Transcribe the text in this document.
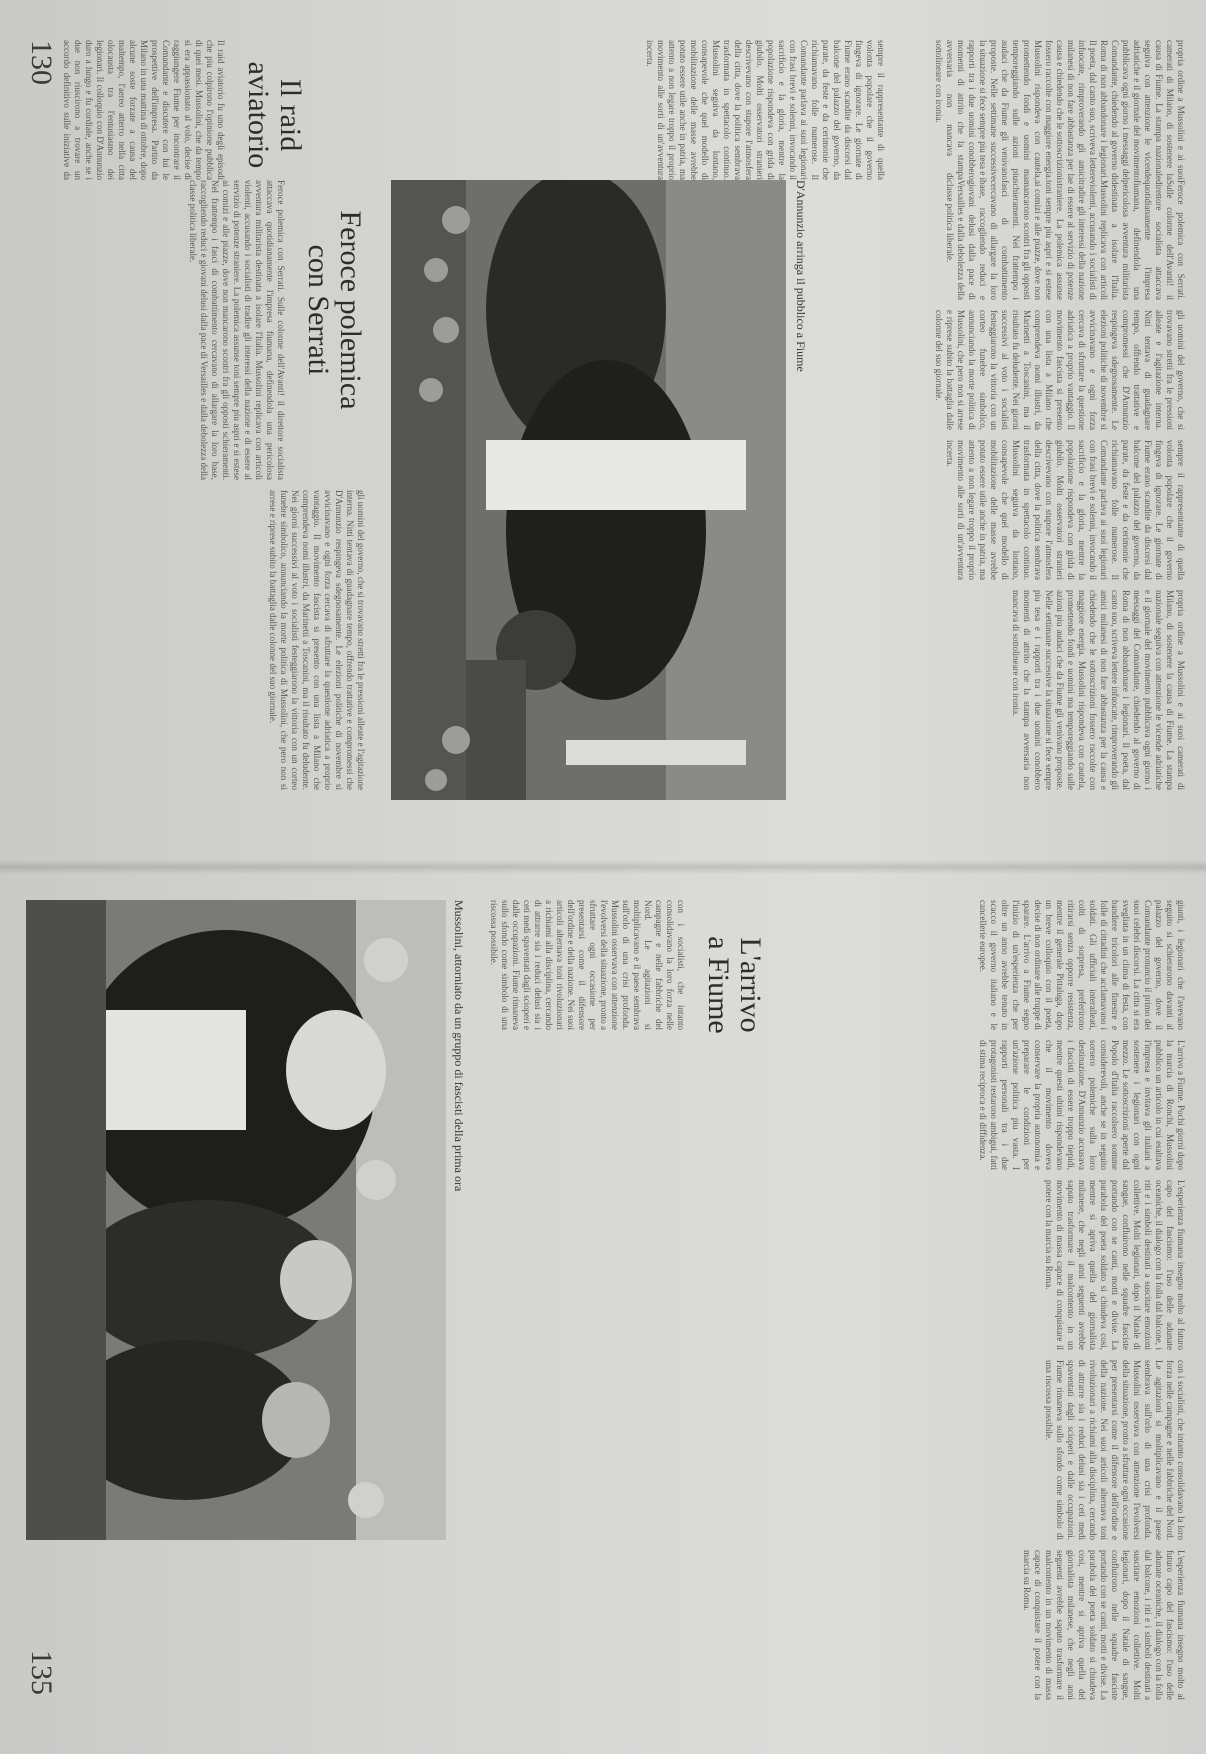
130	propria ordine a Mussolini e ai suoi camerati di Milano, di sostenere la causa di Fiume. La stampa nazionale seguiva con attenzione le vicende adriatiche e il giornale del movimento pubblicava ogni giorno i messaggi del Comandante, chiedendo al governo di Roma di non abbandonare i legionari. Il poeta, dal canto suo, scriveva lettere infuocate, rimproverando gli amici milanesi di non fare abbastanza per la causa e chiedendo che le sottoscrizioni fossero raccolte con maggiore energia. Mussolini rispondeva con cautela, promettendo fondi e uomini ma temporeggiando sulle azioni piu audaci che da Fiume gli venivano proposte. Nelle settimane successive la situazione si fece sempre piu tesa e i rapporti tra i due uomini conobbero momenti di attrito che la stampa avversaria non mancava di sottolineare con ironia.
sempre il rappresentante di quella volonta popolare che il governo fingeva di ignorare. Le giornate di Fiume erano scandite da discorsi dal balcone del palazzo del governo, da parate, da feste e da cerimonie che richiamavano folle numerose. Il Comandante parlava ai suoi legionari con frasi brevi e solenni, invocando il sacrificio e la gloria, mentre la popolazione rispondeva con grida di giubilo. Molti osservatori stranieri descrivevano con stupore l'atmosfera della citta, dove la politica sembrava trasformata in spettacolo continuo. Mussolini seguiva da lontano, consapevole che quel modello di mobilitazione delle masse avrebbe potuto essere utile anche in patria, ma attento a non legare troppo il proprio movimento alle sorti di un'avventura incerta.
Il raid
aviatorio
Il raid aviatorio fu uno degli episodi che piu colpirono l'opinione pubblica di quei mesi. Mussolini, che da tempo si era appassionato al volo, decise di raggiungere Fiume per incontrare il Comandante e discutere con lui le prospettive dell'impresa. Partito da Milano in una mattina di ottobre, dopo alcune soste forzate a causa del maltempo, l'aereo atterro nella citta olocausta tra l'entusiasmo dei legionari. Il colloquio con D'Annunzio duro a lungo e fu cordiale, anche se i due non riuscirono a trovare un accordo definitivo sulle iniziative da
D'Annunzio arringa il pubblico a Fiume	Feroce polemica con Serrati. Sulle colonne dell'Avanti! il direttore socialista attaccava quotidianamente l'impresa fiumana, definendola una pericolosa avventura militarista destinata a isolare l'Italia. Mussolini replicava con articoli violenti, accusando i socialisti di tradire gli interessi della nazione e di essere al servizio di potenze straniere. La polemica assunse toni sempre piu aspri e si estese ai comizi e alle piazze, dove non mancarono scontri fra gli opposti schieramenti. Nel frattempo i fasci di combattimento cercavano di allargare la loro base, raccogliendo reduci e giovani delusi dalla pace di Versailles e dalla debolezza della classe politica liberale.
gli uomini del governo, che si trovavano stretti fra le pressioni alleate e l'agitazione interna. Nitti tentava di guadagnare tempo, offrendo trattative e compromessi che D'Annunzio respingeva sdegnosamente. Le elezioni politiche di novembre si avvicinavano e ogni forza cercava di sfruttare la questione adriatica a proprio vantaggio. Il movimento fascista si presento con una lista a Milano che comprendeva nomi illustri, da Marinetti a Toscanini, ma il risultato fu deludente. Nei giorni successivi al voto i socialisti festeggiarono la vittoria con un corteo funebre simbolico, annunciando la morte politica di Mussolini, che pero non si arrese e riprese subito la battaglia dalle colonne del suo giornale.
sempre il rappresentante di quella volonta popolare che il governo fingeva di ignorare. Le giornate di Fiume erano scandite da discorsi dal balcone del palazzo del governo, da parate, da feste e da cerimonie che richiamavano folle numerose. Il Comandante parlava ai suoi legionari con frasi brevi e solenni, invocando il sacrificio e la gloria, mentre la popolazione rispondeva con grida di giubilo. Molti osservatori stranieri descrivevano con stupore l'atmosfera della citta, dove la politica sembrava trasformata in spettacolo continuo. Mussolini seguiva da lontano, consapevole che quel modello di mobilitazione delle masse avrebbe potuto essere utile anche in patria, ma attento a non legare troppo il proprio movimento alle sorti di un'avventura incerta.
propria ordine a Mussolini e ai suoi camerati di Milano, di sostenere la causa di Fiume. La stampa nazionale seguiva con attenzione le vicende adriatiche e il giornale del movimento pubblicava ogni giorno i messaggi del Comandante, chiedendo al governo di Roma di non abbandonare i legionari. Il poeta, dal canto suo, scriveva lettere infuocate, rimproverando gli amici milanesi di non fare abbastanza per la causa e chiedendo che le sottoscrizioni fossero raccolte con maggiore energia. Mussolini rispondeva con cautela, promettendo fondi e uomini ma temporeggiando sulle azioni piu audaci che da Fiume gli venivano proposte. Nelle settimane successive la situazione si fece sempre piu tesa e i rapporti tra i due uomini conobbero momenti di attrito che la stampa avversaria non mancava di sottolineare con ironia.
Feroce polemica
con Serrati
Feroce polemica con Serrati. Sulle colonne dell'Avanti! il direttore socialista attaccava quotidianamente l'impresa fiumana, definendola una pericolosa avventura militarista destinata a isolare l'Italia. Mussolini replicava con articoli violenti, accusando i socialisti di tradire gli interessi della nazione e di essere al servizio di potenze straniere. La polemica assunse toni sempre piu aspri e si estese ai comizi e alle piazze, dove non mancarono scontri fra gli opposti schieramenti. Nel frattempo i fasci di combattimento cercavano di allargare la loro base, raccogliendo reduci e giovani delusi dalla pace di Versailles e dalla debolezza della classe politica liberale.
gli uomini del governo, che si trovavano stretti fra le pressioni alleate e l'agitazione interna. Nitti tentava di guadagnare tempo, offrendo trattative e compromessi che D'Annunzio respingeva sdegnosamente. Le elezioni politiche di novembre si avvicinavano e ogni forza cercava di sfruttare la questione adriatica a proprio vantaggio. Il movimento fascista si presento con una lista a Milano che comprendeva nomi illustri, da Marinetti a Toscanini, ma il risultato fu deludente. Nei giorni successivi al voto i socialisti festeggiarono la vittoria con un corteo funebre simbolico, annunciando la morte politica di Mussolini, che pero non si arrese e riprese subito la battaglia dalle colonne del suo giornale.
Mussolini, attorniato da un gruppo di fascisti della prima ora	L'arrivo
a Fiume	giunti, i legionari che l'avevano seguito si schierarono davanti al palazzo del governo, dove il Comandante pronuncio il primo dei suoi celebri discorsi. La citta si era svegliata in un clima di festa, con bandiere tricolori alle finestre e folle di cittadini che acclamavano i soldati. Gli ufficiali interalleati, colti di sorpresa, preferirono ritirarsi senza opporre resistenza, mentre il generale Pittaluga, dopo un breve colloquio con il poeta, decise di non ordinare alle truppe di sparare. L'arrivo a Fiume segno l'inizio di un'esperienza che per oltre un anno avrebbe tenuto in scacco il governo italiano e le cancellerie europee.
L'arrivo a Fiume. Pochi giorni dopo la marcia di Ronchi, Mussolini pubblico un articolo in cui esaltava l'impresa e invitava gli italiani a sostenere i legionari con ogni mezzo. Le sottoscrizioni aperte dal Popolo d'Italia raccolsero somme considerevoli, anche se in seguito sorsero polemiche sulla loro destinazione. D'Annunzio accusava i fascisti di essere troppo tiepidi, mentre questi ultimi rispondevano che il movimento doveva conservare la propria autonomia e preparare le condizioni per un'azione politica piu vasta. I rapporti personali tra i due protagonisti restarono ambigui, fatti di stima reciproca e di diffidenza.
con i socialisti, che intanto consolidavano la loro forza nelle campagne e nelle fabbriche del Nord. Le agitazioni si moltiplicavano e il paese sembrava sull'orlo di una crisi profonda. Mussolini osservava con attenzione l'evolversi della situazione, pronto a sfruttare ogni occasione per presentarsi come il difensore dell'ordine e della nazione. Nei suoi articoli alternava toni rivoluzionari a richiami alla disciplina, cercando di attrarre sia i reduci delusi sia i ceti medi spaventati dagli scioperi e dalle occupazioni. Fiume rimaneva sullo sfondo come simbolo di una riscossa possibile.
L'esperienza fiumana insegno molto al futuro capo del fascismo: l'uso delle adunate oceaniche, il dialogo con la folla dal balcone, i riti e i simboli destinati a suscitare emozioni collettive. Molti legionari, dopo il Natale di sangue, confluirono nelle squadre fasciste portando con se canti, motti e divise. La parabola del poeta soldato si chiudeva cosi, mentre si apriva quella del giornalista milanese, che negli anni seguenti avrebbe saputo trasformare il malcontento in un movimento di massa capace di conquistare il potere con la marcia su Roma.
con i socialisti, che intanto consolidavano la loro forza nelle campagne e nelle fabbriche del Nord. Le agitazioni si moltiplicavano e il paese sembrava sull'orlo di una crisi profonda. Mussolini osservava con attenzione l'evolversi della situazione, pronto a sfruttare ogni occasione per presentarsi come il difensore dell'ordine e della nazione. Nei suoi articoli alternava toni rivoluzionari a richiami alla disciplina, cercando di attrarre sia i reduci delusi sia i ceti medi spaventati dagli scioperi e dalle occupazioni. Fiume rimaneva sullo sfondo come simbolo di una riscossa possibile.
L'esperienza fiumana insegno molto al futuro capo del fascismo: l'uso delle adunate oceaniche, il dialogo con la folla dal balcone, i riti e i simboli destinati a suscitare emozioni collettive. Molti legionari, dopo il Natale di sangue, confluirono nelle squadre fasciste portando con se canti, motti e divise. La parabola del poeta soldato si chiudeva cosi, mentre si apriva quella del giornalista milanese, che negli anni seguenti avrebbe saputo trasformare il malcontento in un movimento di massa capace di conquistare il potere con la marcia su Roma.
135
